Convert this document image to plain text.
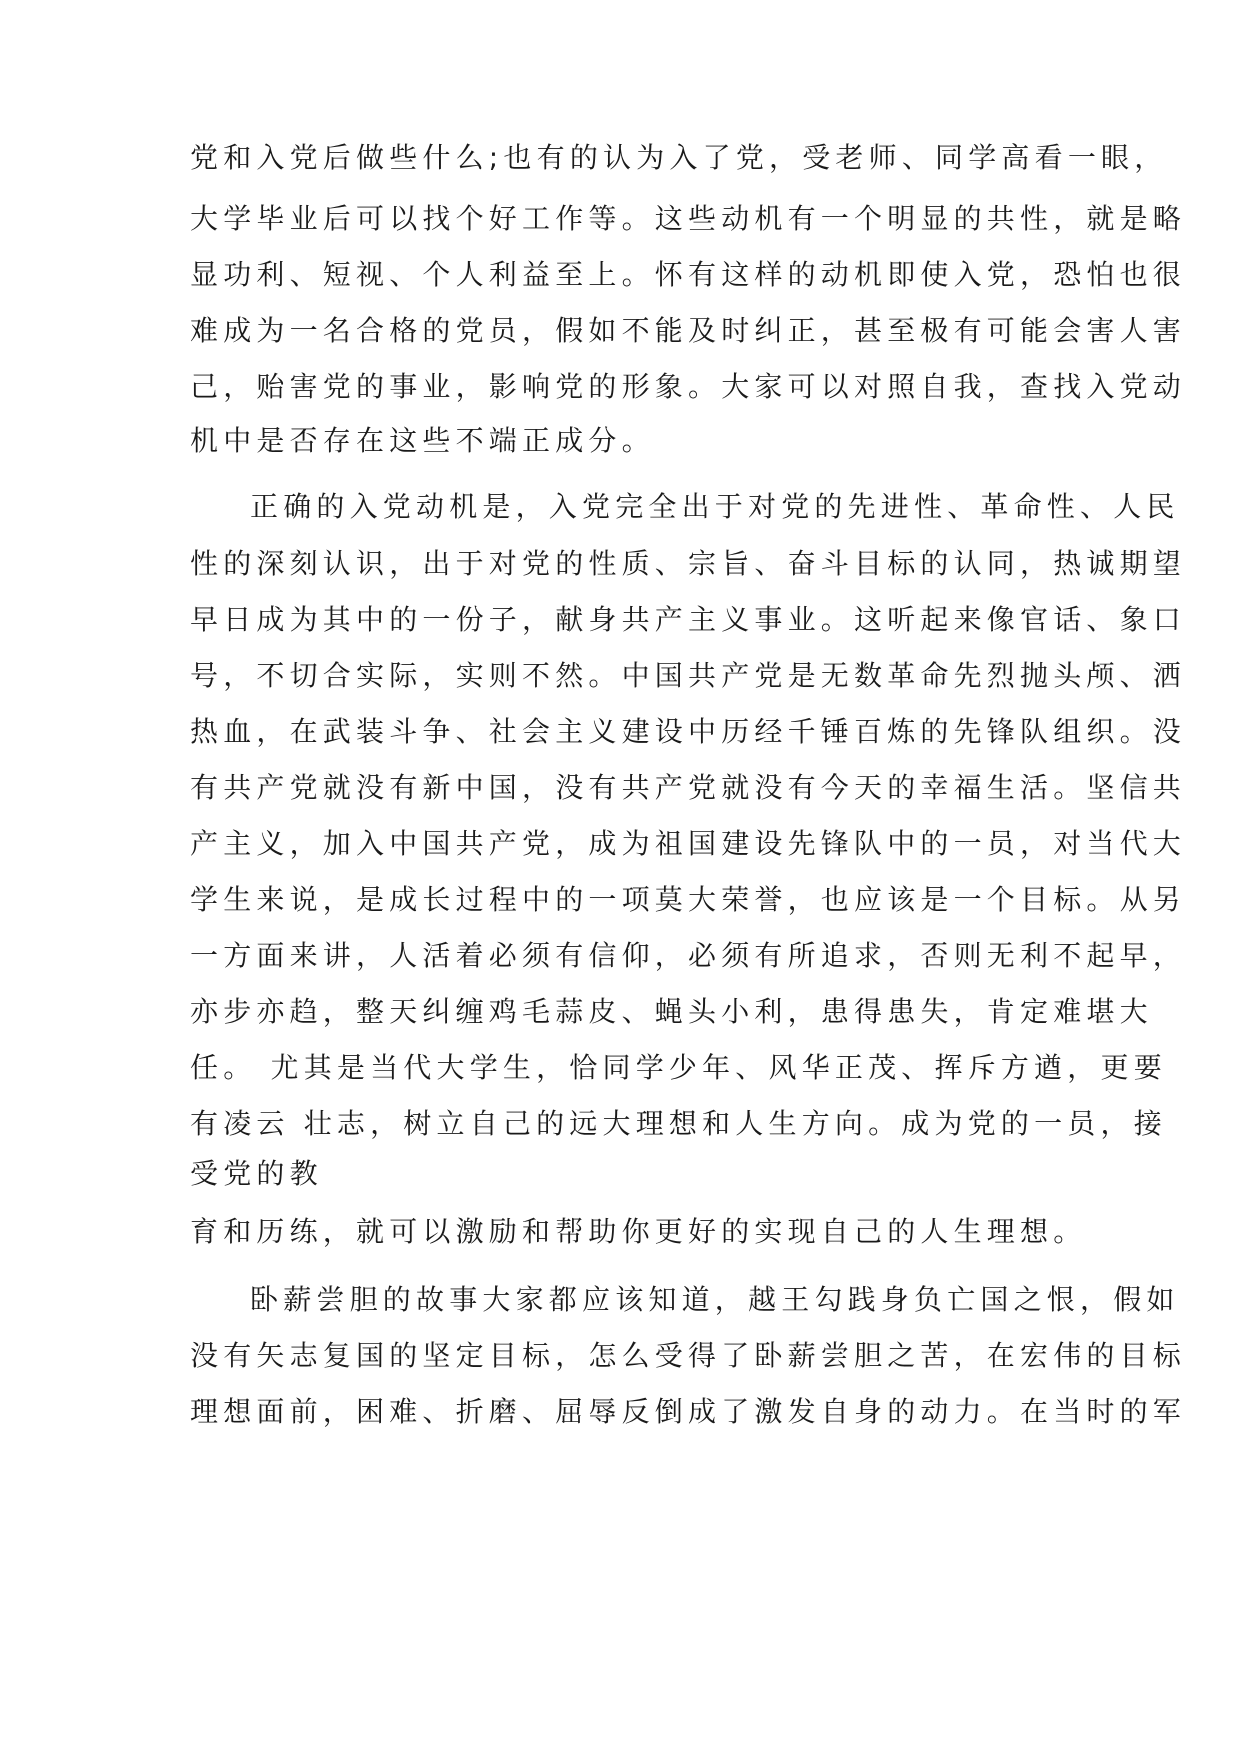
党和入党后做些什么;也有的认为入了党，受老师、同学高看一眼，
大学毕业后可以找个好工作等。这些动机有一个明显的共性，就是略
显功利、短视、个人利益至上。怀有这样的动机即使入党，恐怕也很
难成为一名合格的党员，假如不能及时纠正，甚至极有可能会害人害
己，贻害党的事业，影响党的形象。大家可以对照自我，查找入党动
机中是否存在这些不端正成分。
正确的入党动机是，入党完全出于对党的先进性、革命性、人民
性的深刻认识，出于对党的性质、宗旨、奋斗目标的认同，热诚期望
早日成为其中的一份子，献身共产主义事业。这听起来像官话、象口
号，不切合实际，实则不然。中国共产党是无数革命先烈抛头颅、洒
热血，在武装斗争、社会主义建设中历经千锤百炼的先锋队组织。没
有共产党就没有新中国，没有共产党就没有今天的幸福生活。坚信共
产主义，加入中国共产党，成为祖国建设先锋队中的一员，对当代大
学生来说，是成长过程中的一项莫大荣誉，也应该是一个目标。从另
一方面来讲，人活着必须有信仰，必须有所追求，否则无利不起早，
亦步亦趋，整天纠缠鸡毛蒜皮、蝇头小利，患得患失，肯定难堪大
任。 尤其是当代大学生，恰同学少年、风华正茂、挥斥方遒，更要
有凌云 壮志，树立自己的远大理想和人生方向。成为党的一员，接
受党的教
育和历练，就可以激励和帮助你更好的实现自己的人生理想。
卧薪尝胆的故事大家都应该知道，越王勾践身负亡国之恨，假如
没有矢志复国的坚定目标，怎么受得了卧薪尝胆之苦，在宏伟的目标
理想面前，困难、折磨、屈辱反倒成了激发自身的动力。在当时的军
